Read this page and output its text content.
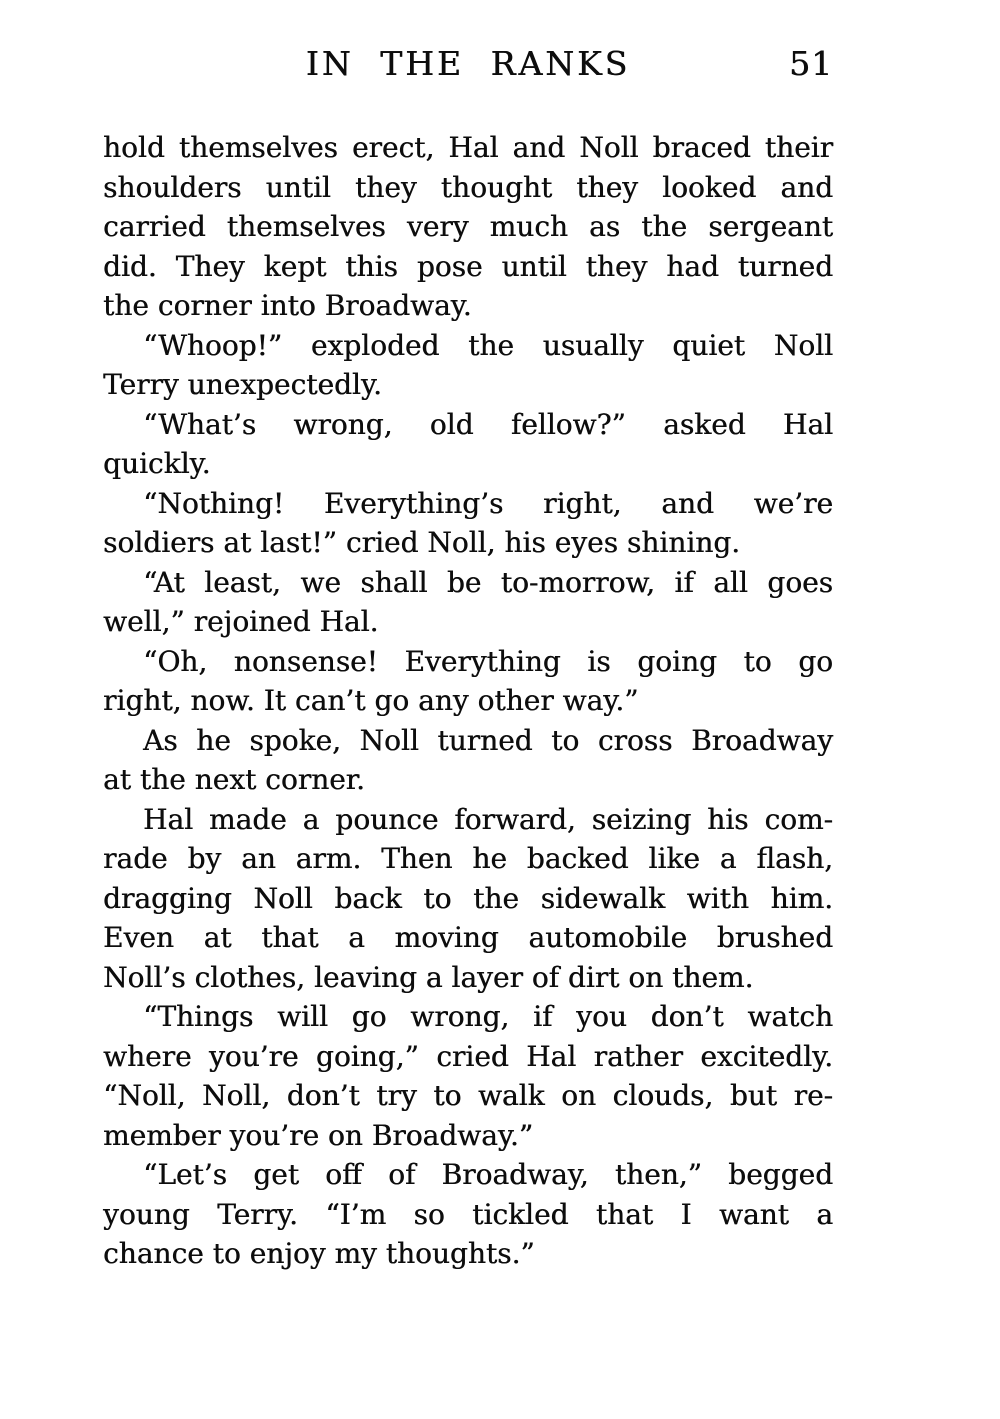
IN THE RANKS	51

hold themselves erect, Hal and Noll braced their
shoulders until they thought they looked and
carried themselves very much as the sergeant
did. They kept this pose until they had turned
the corner into Broadway.

“Whoop!” exploded the usually quiet Noll
Terry unexpectedly.

“What’s wrong, old fellow?” asked Hal
quickly.

“Nothing! Everything’s right, and we’re
soldiers at last!” cried Noll, his eyes shining.

“At least, we shall be to-morrow, if all goes
well,” rejoined Hal.

“Oh, nonsense! Everything is going to go
right, now. It can’t go any other way.”

As he spoke, Noll turned to cross Broadway
at the next corner.

Hal made a pounce forward, seizing his com-
rade by an arm. Then he backed like a flash,
dragging Noll back to the sidewalk with him.
Even at that a moving automobile brushed
Noll’s clothes, leaving a layer of dirt on them.

“Things will go wrong, if you don’t watch
where you’re going,” cried Hal rather excitedly.
“Noll, Noll, don’t try to walk on clouds, but re-
member you’re on Broadway.”

“Let’s get off of Broadway, then,” begged
young Terry. “I’m so tickled that I want a
chance to enjoy my thoughts.”
